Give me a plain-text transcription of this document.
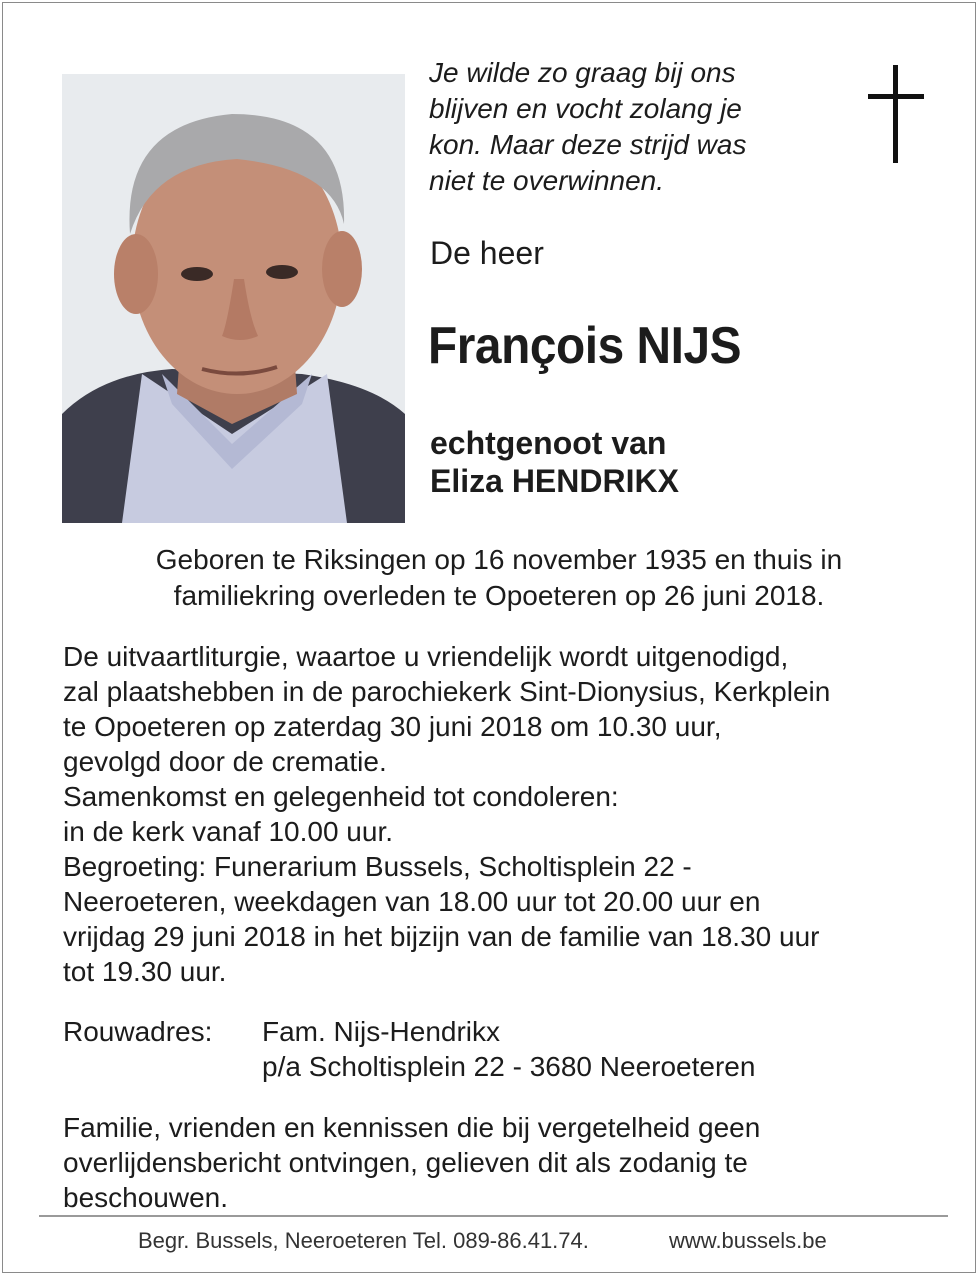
Je wilde zo graag bij ons
blijven en vocht zolang je
kon. Maar deze strijd was
niet te overwinnen.
De heer
François NIJS
echtgenoot van
Eliza HENDRIKX
Geboren te Riksingen op 16 november 1935 en thuis in
familiekring overleden te Opoeteren op 26 juni 2018.
De uitvaartliturgie, waartoe u vriendelijk wordt uitgenodigd,
zal plaatshebben in de parochiekerk Sint-Dionysius, Kerkplein
te Opoeteren op zaterdag 30 juni 2018 om 10.30 uur,
gevolgd door de crematie.
Samenkomst en gelegenheid tot condoleren:
in de kerk vanaf 10.00 uur.
Begroeting: Funerarium Bussels, Scholtisplein 22 -
Neeroeteren, weekdagen van 18.00 uur tot 20.00 uur en
vrijdag 29 juni 2018 in het bijzijn van de familie van 18.30 uur
tot 19.30 uur.
Rouwadres: Fam. Nijs-Hendrikx
p/a Scholtisplein 22 - 3680 Neeroeteren
Familie, vrienden en kennissen die bij vergetelheid geen
overlijdensbericht ontvingen, gelieven dit als zodanig te
beschouwen.
Begr. Bussels, Neeroeteren Tel. 089-86.41.74.	www.bussels.be
